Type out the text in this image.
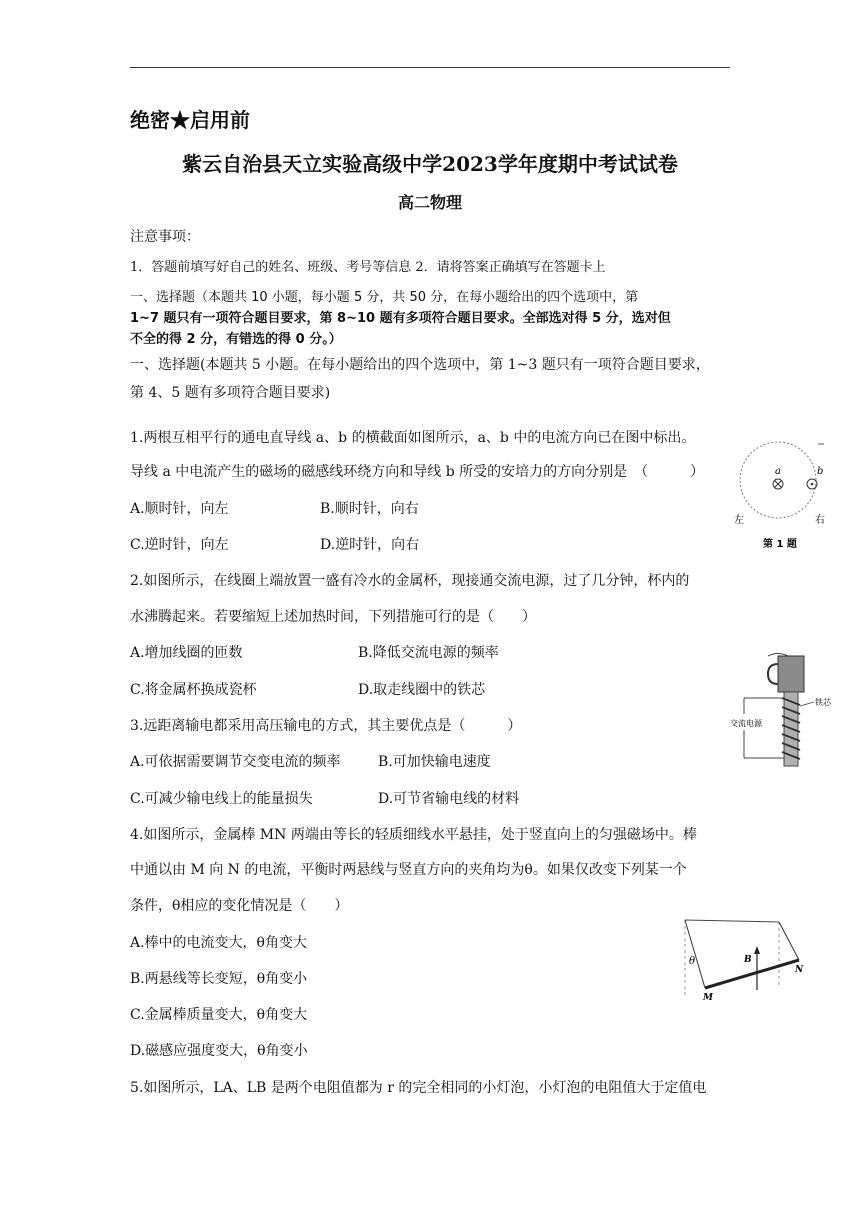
绝密★启用前
紫云自治县天立实验高级中学2023学年度期中考试试卷
高二物理
注意事项：
1．答题前填写好自己的姓名、班级、考号等信息 2．请将答案正确填写在答题卡上
一、选择题（本题共 10 小题，每小题 5 分，共 50 分，在每小题给出的四个选项中，第
1~7 题只有一项符合题目要求，第 8~10 题有多项符合题目要求。全部选对得 5 分，选对但
不全的得 2 分，有错选的得 0 分。）
一、选择题(本题共 5 小题。在每小题给出的四个选项中，第 1~3 题只有一项符合题目要求，
第 4、5 题有多项符合题目要求)
1.两根互相平行的通电直导线 a、b 的横截面如图所示，a、b 中的电流方向已在图中标出。
导线 a 中电流产生的磁场的磁感线环绕方向和导线 b 所受的安培力的方向分别是　（　　　）
A.顺时针，向左	B.顺时针，向右
C.逆时针，向左	D.逆时针，向右
a	b
左	右
第 1 题
2.如图所示，在线圈上端放置一盛有冷水的金属杯，现接通交流电源，过了几分钟，杯内的
水沸腾起来。若要缩短上述加热时间，下列措施可行的是（　　）
A.增加线圈的匝数	B.降低交流电源的频率
C.将金属杯换成瓷杯	D.取走线圈中的铁芯
交流电源
铁芯
3.远距离输电都采用高压输电的方式，其主要优点是（　　　）
A.可依据需要调节交变电流的频率	B.可加快输电速度
C.可减少输电线上的能量损失	D.可节省输电线的材料
4.如图所示，金属棒 MN 两端由等长的轻质细线水平悬挂，处于竖直向上的匀强磁场中。棒
中通以由 M 向 N 的电流，平衡时两悬线与竖直方向的夹角均为θ。如果仅改变下列某一个
条件，θ相应的变化情况是（　　）
A.棒中的电流变大，θ角变大
B.两悬线等长变短，θ角变小
C.金属棒质量变大，θ角变大
D.磁感应强度变大，θ角变小
θ	B
M
N
5.如图所示，LA、LB 是两个电阻值都为 r 的完全相同的小灯泡，小灯泡的电阻值大于定值电
